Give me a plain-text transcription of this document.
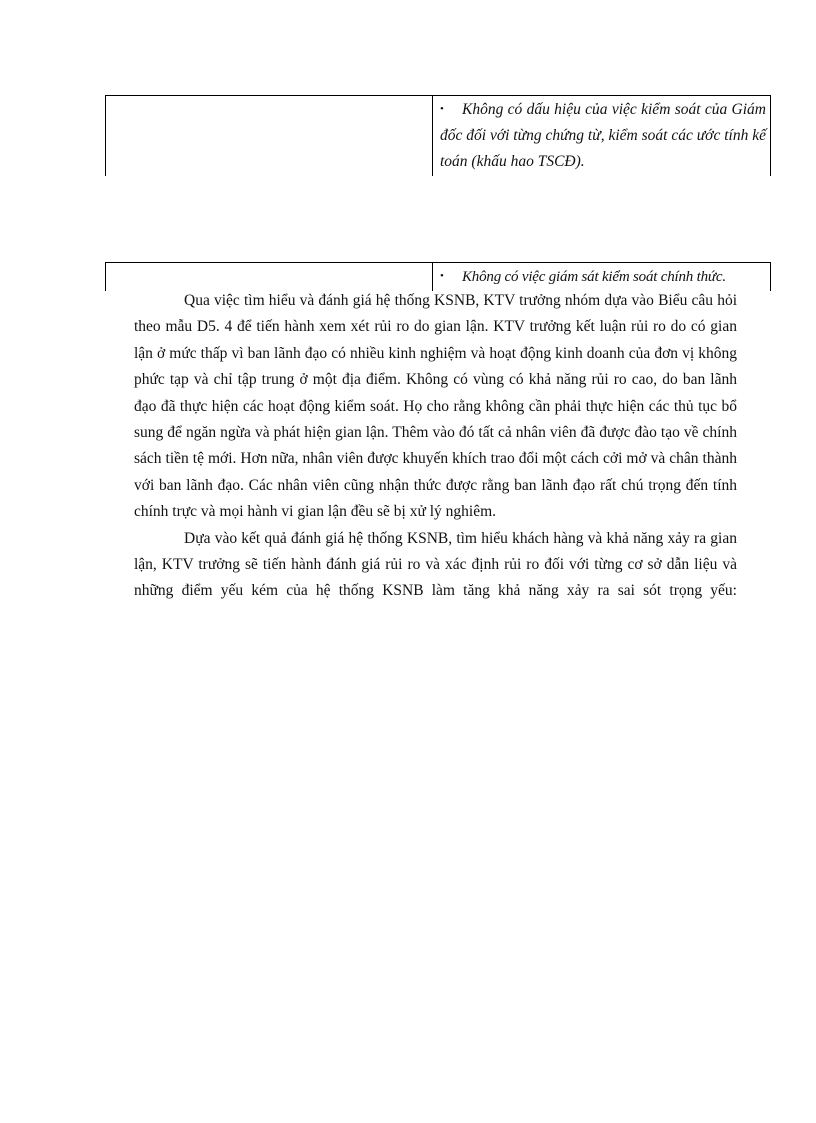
• Không có dấu hiệu của việc kiểm soát của Giám đốc đối với từng chứng từ, kiểm soát các ước tính kế toán (khấu hao TSCĐ).

• Không có việc giám sát kiểm soát chính thức.

Qua việc tìm hiểu và đánh giá hệ thống KSNB, KTV trưởng nhóm dựa vào Biểu câu hỏi theo mẫu D5. 4 để tiến hành xem xét rủi ro do gian lận. KTV trưởng kết luận rủi ro do có gian lận ở mức thấp vì ban lãnh đạo có nhiều kinh nghiệm và hoạt động kinh doanh của đơn vị không phức tạp và chỉ tập trung ở một địa điểm. Không có vùng có khả năng rủi ro cao, do ban lãnh đạo đã thực hiện các hoạt động kiểm soát. Họ cho rằng không cần phải thực hiện các thủ tục bổ sung để ngăn ngừa và phát hiện gian lận. Thêm vào đó tất cả nhân viên đã được đào tạo về chính sách tiền tệ mới. Hơn nữa, nhân viên được khuyến khích trao đổi một cách cởi mở và chân thành với ban lãnh đạo. Các nhân viên cũng nhận thức được rằng ban lãnh đạo rất chú trọng đến tính chính trực và mọi hành vi gian lận đều sẽ bị xử lý nghiêm.

Dựa vào kết quả đánh giá hệ thống KSNB, tìm hiểu khách hàng và khả năng xảy ra gian lận, KTV trưởng sẽ tiến hành đánh giá rủi ro và xác định rủi ro đối với từng cơ sở dẫn liệu và những điểm yếu kém của hệ thống KSNB làm tăng khả năng xảy ra sai sót trọng yếu:
